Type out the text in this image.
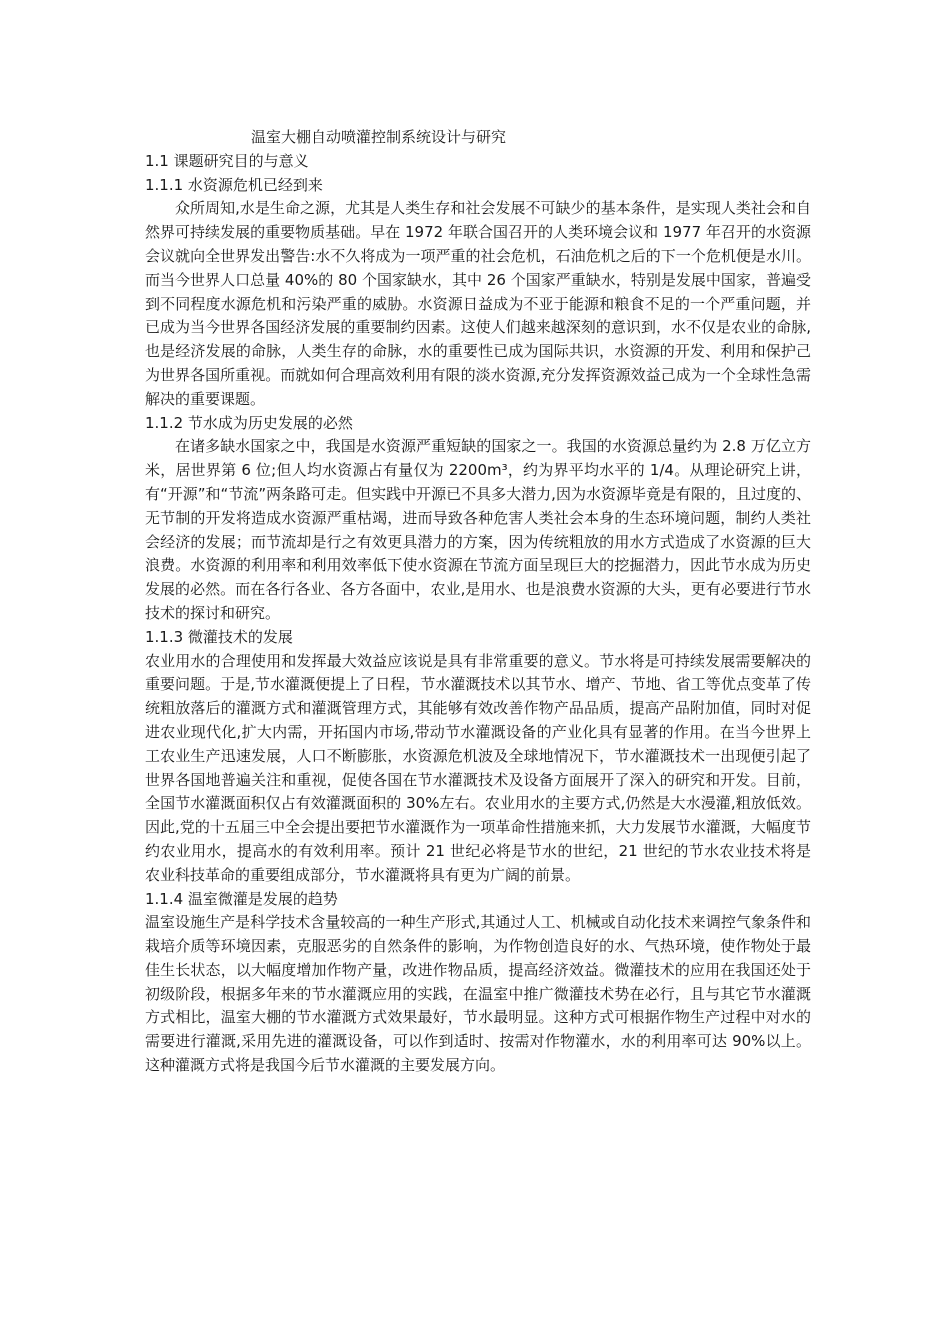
温室大棚自动喷灌控制系统设计与研究
1.1 课题研究目的与意义
1.1.1 水资源危机已经到来

众所周知,水是生命之源，尤其是人类生存和社会发展不可缺少的基本条件，是实现人类社会和自然界可持续发展的重要物质基础。早在 1972 年联合国召开的人类环境会议和 1977 年召开的水资源会议就向全世界发出警告:水不久将成为一项严重的社会危机，石油危机之后的下一个危机便是水川。而当今世界人口总量 40%的 80 个国家缺水，其中 26 个国家严重缺水，特别是发展中国家，普遍受到不同程度水源危机和污染严重的威胁。水资源日益成为不亚于能源和粮食不足的一个严重问题，并已成为当今世界各国经济发展的重要制约因素。这使人们越来越深刻的意识到，水不仅是农业的命脉,也是经济发展的命脉，人类生存的命脉，水的重要性已成为国际共识，水资源的开发、利用和保护己为世界各国所重视。而就如何合理高效利用有限的淡水资源,充分发挥资源效益己成为一个全球性急需解决的重要课题。

1.1.2 节水成为历史发展的必然

在诸多缺水国家之中，我国是水资源严重短缺的国家之一。我国的水资源总量约为 2.8 万亿立方米，居世界第 6 位;但人均水资源占有量仅为 2200m³，约为界平均水平的 1/4。从理论研究上讲，有“开源”和“节流”两条路可走。但实践中开源已不具多大潜力,因为水资源毕竟是有限的，且过度的、无节制的开发将造成水资源严重枯竭，进而导致各种危害人类社会本身的生态环境问题，制约人类社会经济的发展；而节流却是行之有效更具潜力的方案，因为传统粗放的用水方式造成了水资源的巨大浪费。水资源的利用率和利用效率低下使水资源在节流方面呈现巨大的挖掘潜力，因此节水成为历史发展的必然。而在各行各业、各方各面中，农业,是用水、也是浪费水资源的大头，更有必要进行节水技术的探讨和研究。

1.1.3 微灌技术的发展

农业用水的合理使用和发挥最大效益应该说是具有非常重要的意义。节水将是可持续发展需要解决的重要问题。于是,节水灌溉便提上了日程，节水灌溉技术以其节水、增产、节地、省工等优点变革了传统粗放落后的灌溉方式和灌溉管理方式，其能够有效改善作物产品品质，提高产品附加值，同时对促进农业现代化,扩大内需，开拓国内市场,带动节水灌溉设备的产业化具有显著的作用。在当今世界上工农业生产迅速发展，人口不断膨胀，水资源危机波及全球地情况下，节水灌溉技术一出现便引起了世界各国地普遍关注和重视，促使各国在节水灌溉技术及设备方面展开了深入的研究和开发。目前，全国节水灌溉面积仅占有效灌溉面积的 30%左右。农业用水的主要方式,仍然是大水漫灌,粗放低效。因此,党的十五届三中全会提出要把节水灌溉作为一项革命性措施来抓，大力发展节水灌溉，大幅度节约农业用水，提高水的有效利用率。预计 21 世纪必将是节水的世纪，21 世纪的节水农业技术将是农业科技革命的重要组成部分，节水灌溉将具有更为广阔的前景。

1.1.4 温室微灌是发展的趋势

温室设施生产是科学技术含量较高的一种生产形式,其通过人工、机械或自动化技术来调控气象条件和栽培介质等环境因素，克服恶劣的自然条件的影响，为作物创造良好的水、气热环境，使作物处于最佳生长状态，以大幅度增加作物产量，改进作物品质，提高经济效益。微灌技术的应用在我国还处于初级阶段，根据多年来的节水灌溉应用的实践，在温室中推广微灌技术势在必行，且与其它节水灌溉方式相比，温室大棚的节水灌溉方式效果最好，节水最明显。这种方式可根据作物生产过程中对水的需要进行灌溉,采用先进的灌溉设备，可以作到适时、按需对作物灌水，水的利用率可达 90%以上。这种灌溉方式将是我国今后节水灌溉的主要发展方向。
